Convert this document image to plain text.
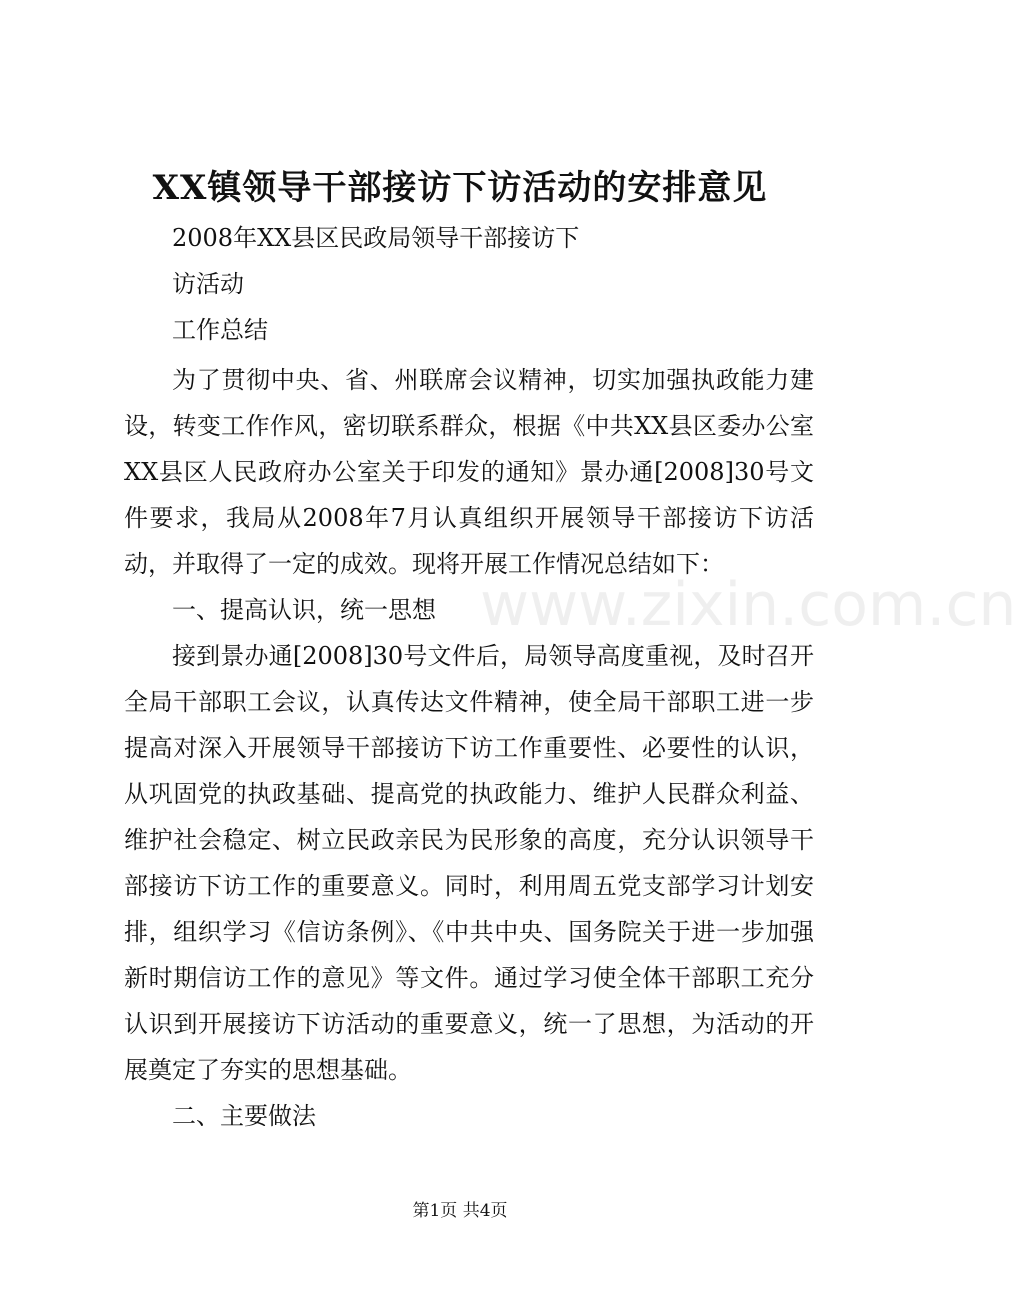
XX镇领导干部接访下访活动的安排意见
2008年XX县区民政局领导干部接访下
访活动
工作总结
为了贯彻中央、省、州联席会议精神，切实加强执政能力建设，转变工作作风，密切联系群众，根据《中共XX县区委办公室XX县区人民政府办公室关于印发的通知》景办通[2008]30号文件要求，我局从2008年7月认真组织开展领导干部接访下访活动，并取得了一定的成效。现将开展工作情况总结如下：
一、提高认识，统一思想
接到景办通[2008]30号文件后，局领导高度重视，及时召开全局干部职工会议，认真传达文件精神，使全局干部职工进一步提高对深入开展领导干部接访下访工作重要性、必要性的认识，从巩固党的执政基础、提高党的执政能力、维护人民群众利益、维护社会稳定、树立民政亲民为民形象的高度，充分认识领导干部接访下访工作的重要意义。同时，利用周五党支部学习计划安排，组织学习《信访条例》、《中共中央、国务院关于进一步加强新时期信访工作的意见》等文件。通过学习使全体干部职工充分认识到开展接访下访活动的重要意义，统一了思想，为活动的开展奠定了夯实的思想基础。
二、主要做法
www.zixin.com.cn
第1页 共4页
